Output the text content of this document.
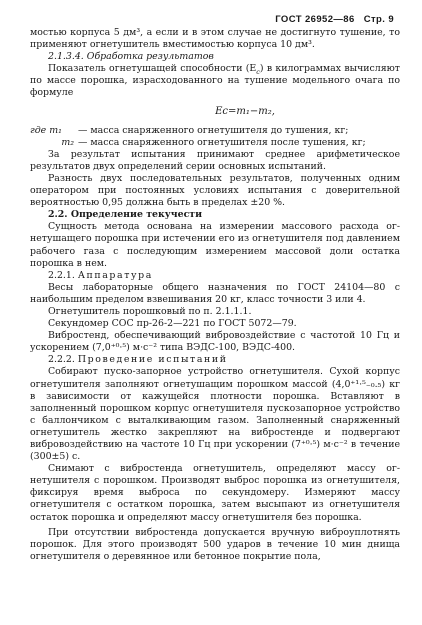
ГОСТ 26952—86 Стр. 9

мостью корпуса 5 дм³, а если и в этом случае не достигнуто тушение, то применяют огнетушитель вместимостью корпуса 10 дм³.

2.1.3.4. Обработка результатов

Показатель огнетушащей способности $(E_c)$ в килограммах вычисляют по массе порошка, израсходованного на тушение модельного очага по формуле

Eс=m₁−m₂,
где m₁	— масса снаряженного огнетушителя до тушения, кг;
m₂ — масса снаряженного огнетушителя после тушения, кг;

За результат испытания принимают среднее арифметическое результатов двух определений серии основных испытаний.

Разность двух последовательных результатов, полученных одним оператором при постоянных условиях испытания с доверительной вероятностью 0,95 должна быть в пределах ±20 %.

2.2. Определение текучести

Сущность метода основана на измерении массового расхода огнетушащего порошка при истечении его из огнетушителя под давлением рабочего газа с последующим измерением массовой доли остатка порошка в нем.

2.2.1. Аппаратура

Весы лабораторные общего назначения по ГОСТ 24104—80 с наибольшим пределом взвешивания 20 кг, класс точности 3 или 4.

Огнетушитель порошковый по п. 2.1.1.1.

Секундомер СОС пр-26-2—221 по ГОСТ 5072—79.

Вибростенд, обеспечивающий вибровоздействие с частотой 10 Гц и ускорением (7,0⁺⁰·⁵) м·с⁻² типа ВЭДС-100, ВЭДС-400.

2.2.2. Проведение испытаний

Собирают пуско-запорное устройство огнетушителя. Сухой корпус огнетушителя заполняют огнетушащим порошком массой (4,0⁺¹·⁵₋₀.₅) кг в зависимости от кажущейся плотности порошка. Вставляют в заполненный порошком корпус огнетушителя пускозапорное устройство с баллончиком с выталкивающим газом. Заполненный снаряженный огнетушитель жестко закрепляют на вибростенде и подвергают вибровоздействию на частоте 10 Гц при ускорении (7⁺⁰·⁵) м·с⁻² в течение (300±5) с.

Снимают с вибростенда огнетушитель, определяют массу огнетушителя с порошком. Производят выброс порошка из огнетушителя, фиксируя время выброса по секундомеру. Измеряют массу огнетушителя с остатком порошка, затем высыпают из огнетушителя остаток порошка и определяют массу огнетушителя без порошка.

При отсутствии вибростенда допускается вручную виброуплотнять порошок. Для этого производят 500 ударов в течение 10 мин днища огнетушителя о деревянное или бетонное покрытие пола,
